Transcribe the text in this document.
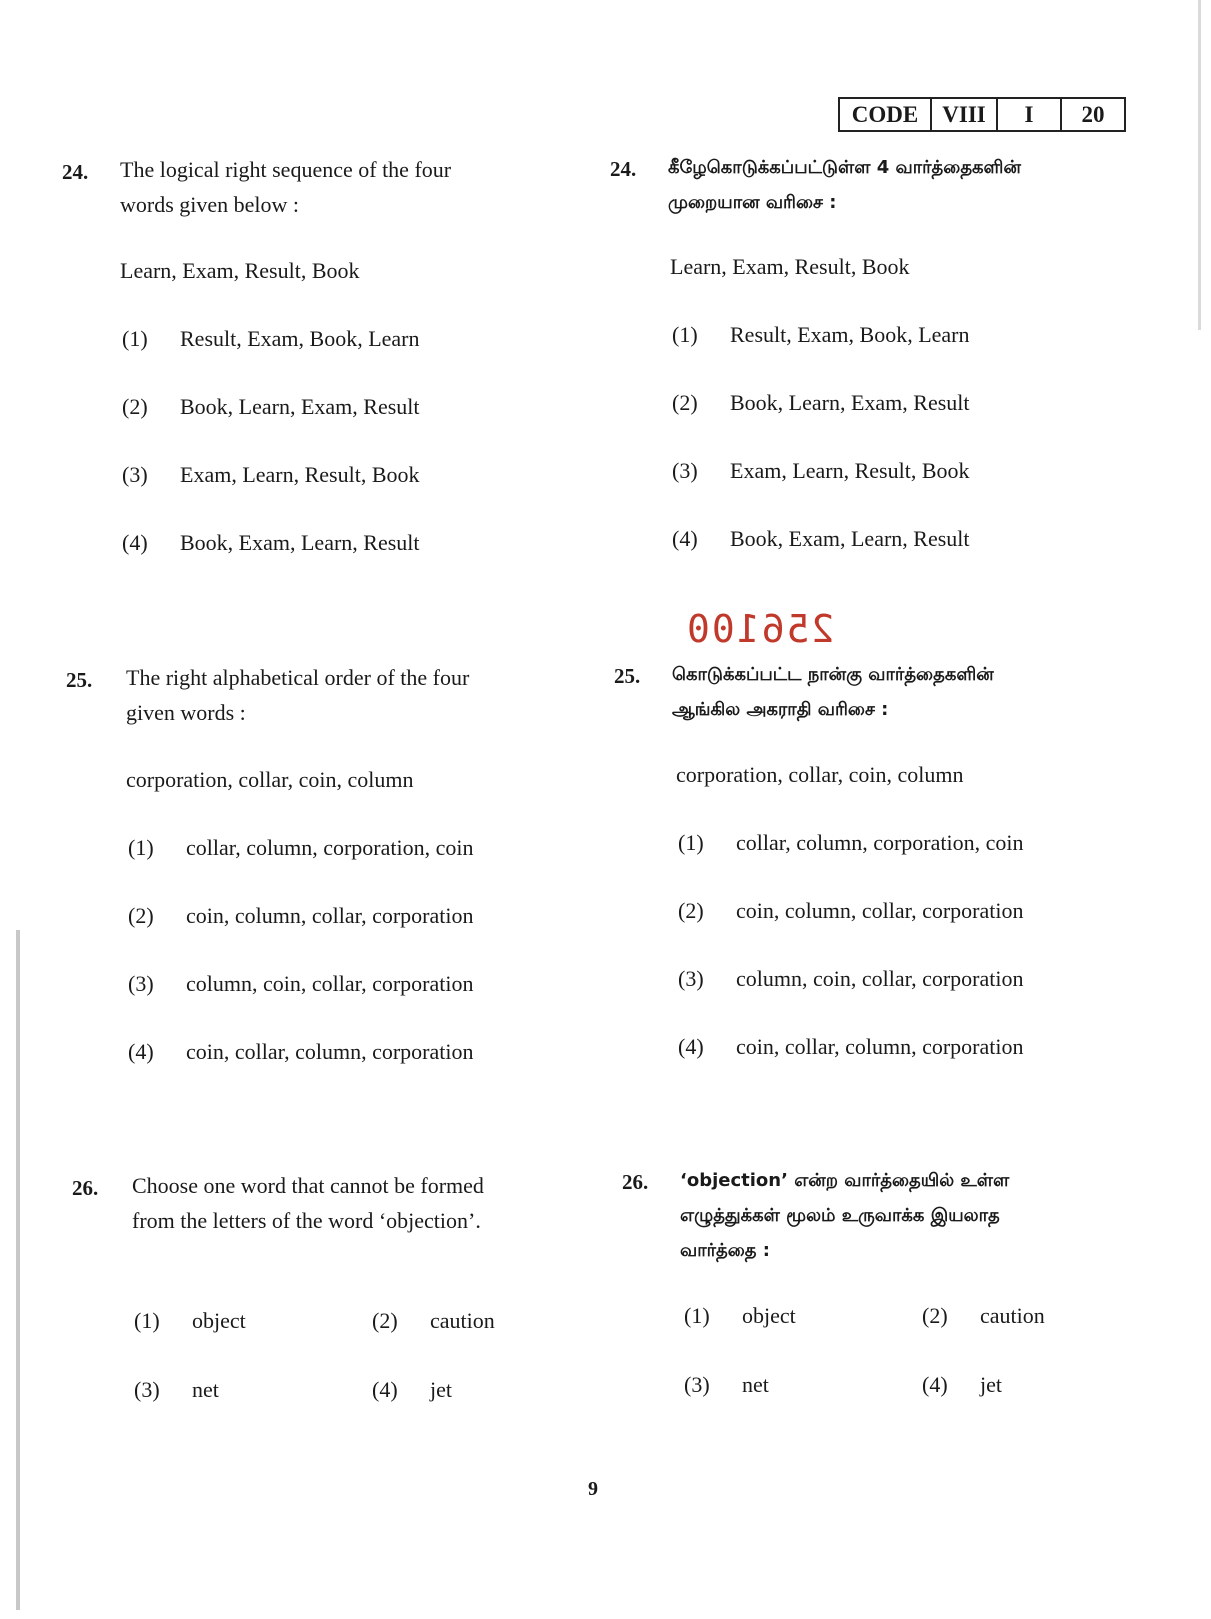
CODE	VIII	I	20
24. The logical right sequence of the four
words given below :
Learn, Exam, Result, Book
(1)	Result, Exam, Book, Learn
(2)	Book, Learn, Exam, Result
(3)	Exam, Learn, Result, Book
(4)	Book, Exam, Learn, Result
25. The right alphabetical order of the four
given words :
corporation, collar, coin, column
(1)	collar, column, corporation, coin
(2)	coin, column, collar, corporation
(3)	column, coin, collar, corporation
(4)	coin, collar, column, corporation
26. Choose one word that cannot be formed
from the letters of the word ‘objection’.
(1)	object	(2)	caution
(3)	net	(4)	jet
24. கீழேகொடுக்கப்பட்டுள்ள 4 வார்த்தைகளின்
முறையான வரிசை :
Learn, Exam, Result, Book
(1)	Result, Exam, Book, Learn
(2)	Book, Learn, Exam, Result
(3)	Exam, Learn, Result, Book
(4)	Book, Exam, Learn, Result
25. கொடுக்கப்பட்ட நான்கு வார்த்தைகளின்
ஆங்கில அகராதி வரிசை :
corporation, collar, coin, column
(1)	collar, column, corporation, coin
(2)	coin, column, collar, corporation
(3)	column, coin, collar, corporation
(4)	coin, collar, column, corporation
26. ‘objection’ என்ற வார்த்தையில் உள்ள
எழுத்துக்கள் மூலம் உருவாக்க இயலாத
வார்த்தை :
(1)	object	(2)	caution
(3)	net	(4)	jet
256100
9
